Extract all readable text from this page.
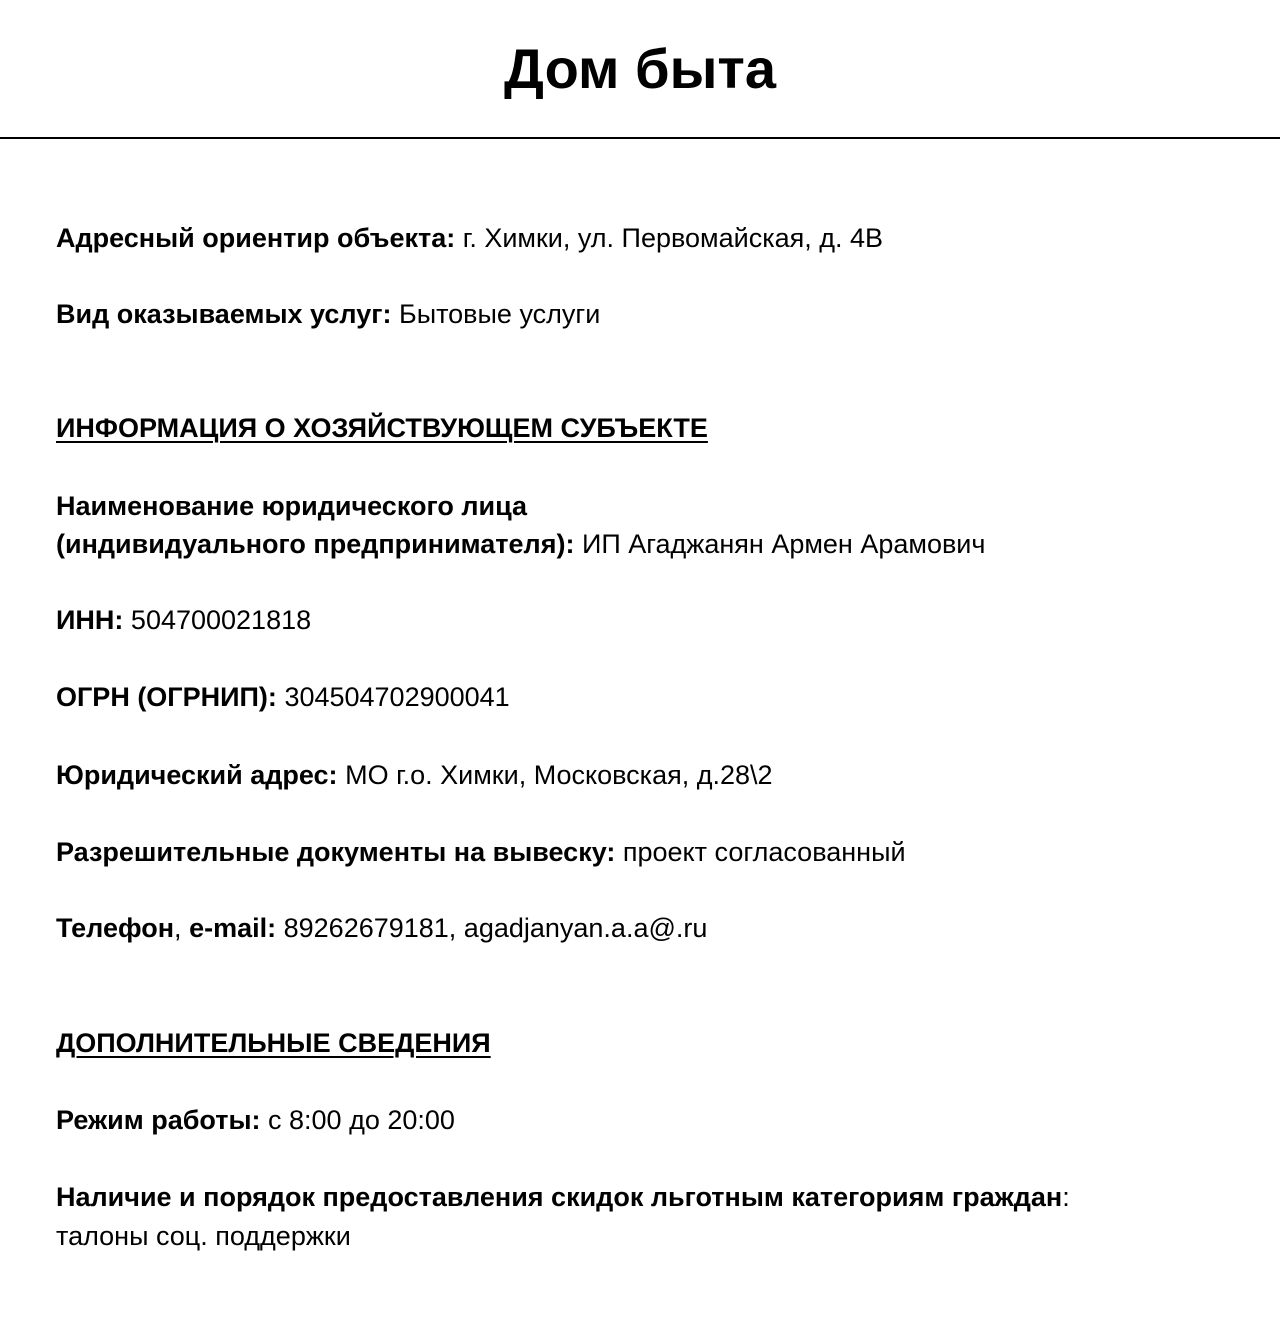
Дом быта
Адресный ориентир объекта: г. Химки, ул. Первомайская, д. 4В
Вид оказываемых услуг: Бытовые услуги
ИНФОРМАЦИЯ О ХОЗЯЙСТВУЮЩЕМ СУБЪЕКТЕ
Наименование юридического лица
(индивидуального предпринимателя): ИП Агаджанян Армен Арамович
ИНН: 504700021818
ОГРН (ОГРНИП): 304504702900041
Юридический адрес: МО г.о. Химки, Московская, д.28\2
Разрешительные документы на вывеску: проект согласованный
Телефон, e-mail: 89262679181, agadjanyan.a.a@.ru
ДОПОЛНИТЕЛЬНЫЕ СВЕДЕНИЯ
Режим работы: с 8:00 до 20:00
Наличие и порядок предоставления скидок льготным категориям граждан:
талоны соц. поддержки
